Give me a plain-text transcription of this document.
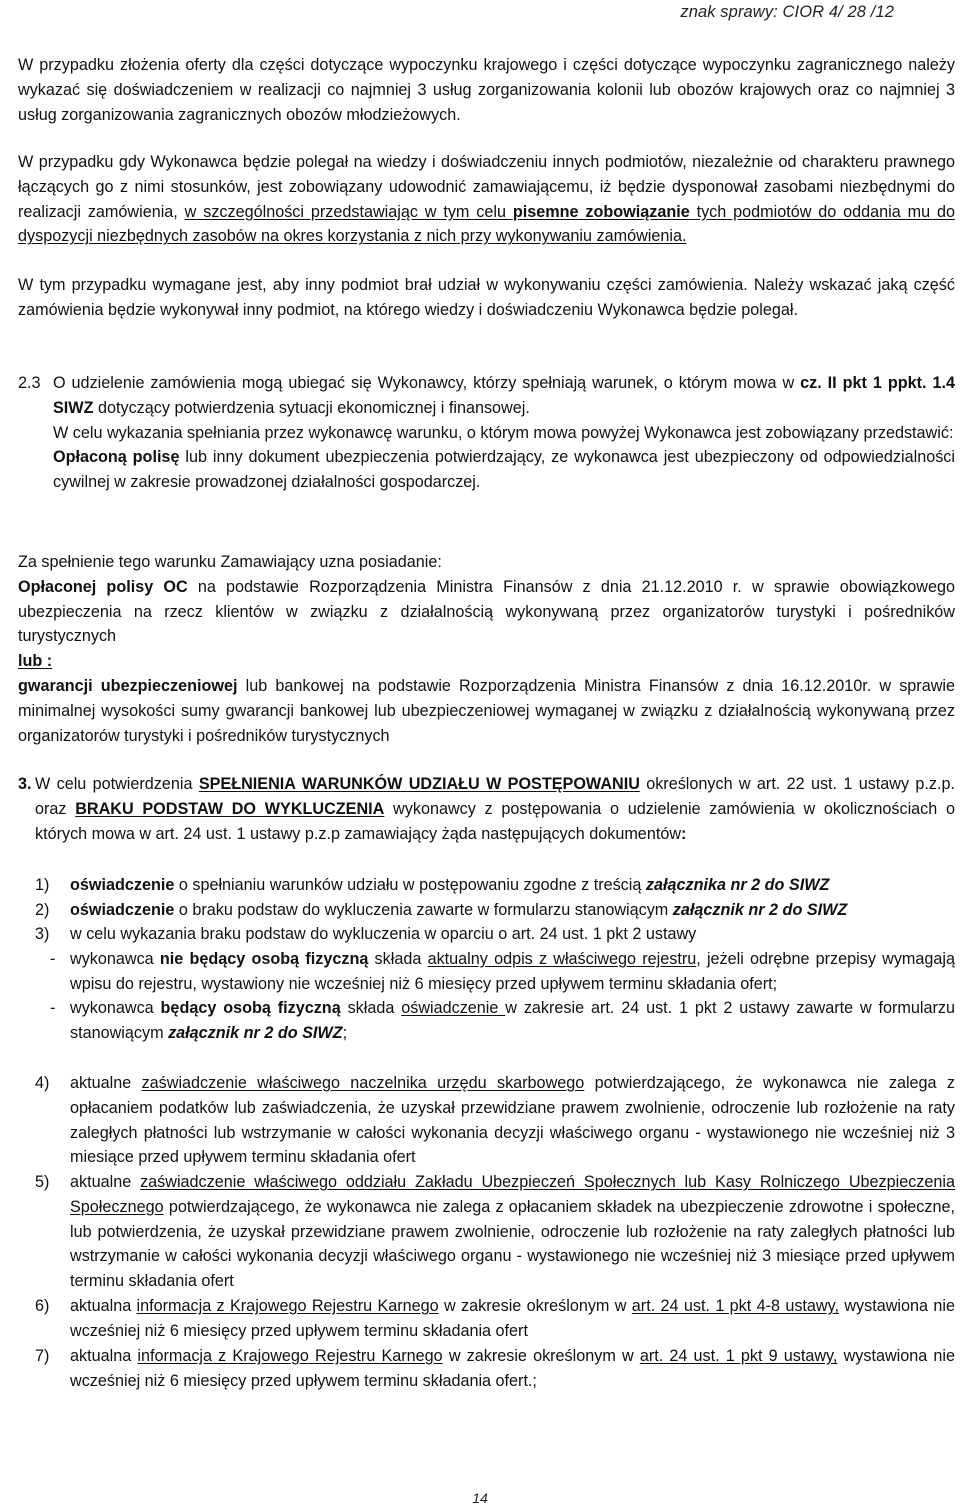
znak sprawy: CIOR 4/ 28 /12

W przypadku złożenia oferty dla części dotyczące wypoczynku krajowego i części dotyczące wypoczynku zagranicznego należy wykazać się doświadczeniem w realizacji co najmniej 3 usług zorganizowania kolonii lub obozów krajowych oraz co najmniej 3 usług zorganizowania zagranicznych obozów młodzieżowych.

W przypadku gdy Wykonawca będzie polegał na wiedzy i doświadczeniu innych podmiotów, niezależnie od charakteru prawnego łączących go z nimi stosunków, jest zobowiązany udowodnić zamawiającemu, iż będzie dysponował zasobami niezbędnymi do realizacji zamówienia, w szczególności przedstawiając w tym celu pisemne zobowiązanie tych podmiotów do oddania mu do dyspozycji niezbędnych zasobów na okres korzystania z nich przy wykonywaniu zamówienia.

W tym przypadku wymagane jest, aby inny podmiot brał udział w wykonywaniu części zamówienia. Należy wskazać jaką część zamówienia będzie wykonywał inny podmiot, na którego wiedzy i doświadczeniu Wykonawca będzie polegał.

2.3 O udzielenie zamówienia mogą ubiegać się Wykonawcy, którzy spełniają warunek, o którym mowa w cz. II pkt 1 ppkt. 1.4 SIWZ dotyczący potwierdzenia sytuacji ekonomicznej i finansowej.

W celu wykazania spełniania przez wykonawcę warunku, o którym mowa powyżej Wykonawca jest zobowiązany przedstawić:

Opłaconą polisę lub inny dokument ubezpieczenia potwierdzający, ze wykonawca jest ubezpieczony od odpowiedzialności cywilnej w zakresie prowadzonej działalności gospodarczej.

Za spełnienie tego warunku Zamawiający uzna posiadanie:

Opłaconej polisy OC na podstawie Rozporządzenia Ministra Finansów z dnia 21.12.2010 r. w sprawie obowiązkowego ubezpieczenia na rzecz klientów w związku z działalnością wykonywaną przez organizatorów turystyki i pośredników turystycznych

lub :

gwarancji ubezpieczeniowej lub bankowej na podstawie Rozporządzenia Ministra Finansów z dnia 16.12.2010r. w sprawie minimalnej wysokości sumy gwarancji bankowej lub ubezpieczeniowej wymaganej w związku z działalnością wykonywaną przez organizatorów turystyki i pośredników turystycznych

3. W celu potwierdzenia SPEŁNIENIA WARUNKÓW UDZIAŁU W POSTĘPOWANIU określonych w art. 22 ust. 1 ustawy p.z.p. oraz BRAKU PODSTAW DO WYKLUCZENIA wykonawcy z postępowania o udzielenie zamówienia w okolicznościach o których mowa w art. 24 ust. 1 ustawy p.z.p zamawiający żąda następujących dokumentów:

1) oświadczenie o spełnianiu warunków udziału w postępowaniu zgodne z treścią załącznika nr 2 do SIWZ

2) oświadczenie o braku podstaw do wykluczenia zawarte w formularzu stanowiącym załącznik nr 2 do SIWZ

3) w celu wykazania braku podstaw do wykluczenia w oparciu o art. 24 ust. 1 pkt 2 ustawy

- wykonawca nie będący osobą fizyczną składa aktualny odpis z właściwego rejestru, jeżeli odrębne przepisy wymagają wpisu do rejestru, wystawiony nie wcześniej niż 6 miesięcy przed upływem terminu składania ofert;

- wykonawca będący osobą fizyczną składa oświadczenie w zakresie art. 24 ust. 1 pkt 2 ustawy zawarte w formularzu stanowiącym załącznik nr 2 do SIWZ;

4) aktualne zaświadczenie właściwego naczelnika urzędu skarbowego potwierdzającego, że wykonawca nie zalega z opłacaniem podatków lub zaświadczenia, że uzyskał przewidziane prawem zwolnienie, odroczenie lub rozłożenie na raty zaległych płatności lub wstrzymanie w całości wykonania decyzji właściwego organu - wystawionego nie wcześniej niż 3 miesiące przed upływem terminu składania ofert

5) aktualne zaświadczenie właściwego oddziału Zakładu Ubezpieczeń Społecznych lub Kasy Rolniczego Ubezpieczenia Społecznego potwierdzającego, że wykonawca nie zalega z opłacaniem składek na ubezpieczenie zdrowotne i społeczne, lub potwierdzenia, że uzyskał przewidziane prawem zwolnienie, odroczenie lub rozłożenie na raty zaległych płatności lub wstrzymanie w całości wykonania decyzji właściwego organu - wystawionego nie wcześniej niż 3 miesiące przed upływem terminu składania ofert

6) aktualna informacja z Krajowego Rejestru Karnego w zakresie określonym w art. 24 ust. 1 pkt 4-8 ustawy, wystawiona nie wcześniej niż 6 miesięcy przed upływem terminu składania ofert

7) aktualna informacja z Krajowego Rejestru Karnego w zakresie określonym w art. 24 ust. 1 pkt 9 ustawy, wystawiona nie wcześniej niż 6 miesięcy przed upływem terminu składania ofert.;

14
